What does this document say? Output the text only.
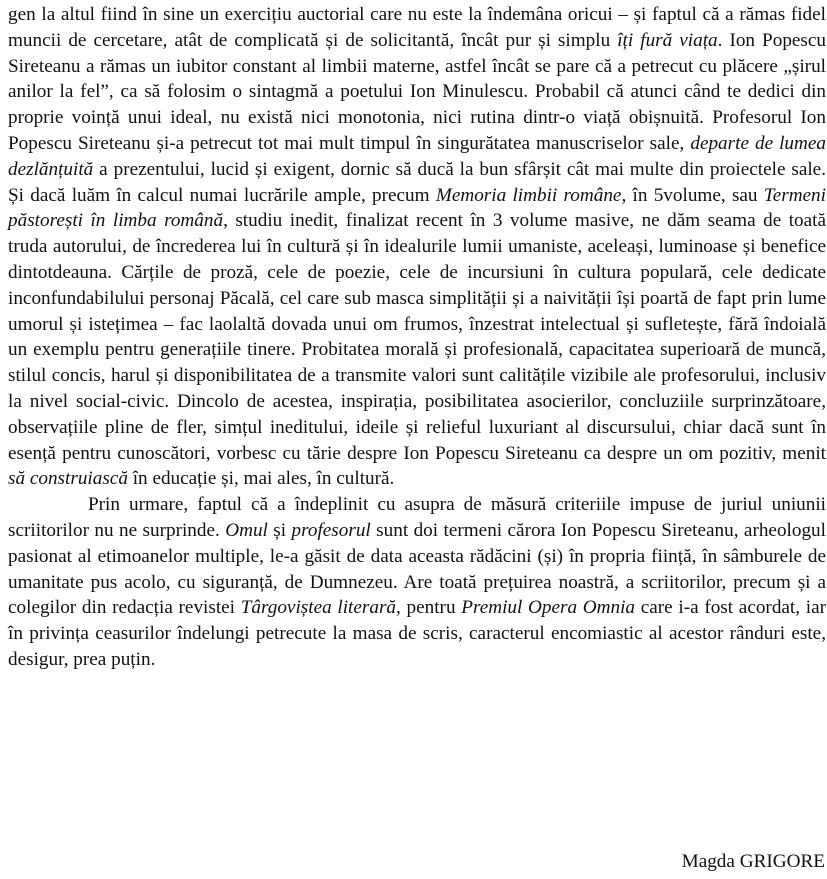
gen la altul fiind în sine un exercițiu auctorial care nu este la îndemâna oricui – și faptul că a rămas fidel muncii de cercetare, atât de complicată și de solicitantă, încât pur și simplu îți fură viața. Ion Popescu Sireteanu a rămas un iubitor constant al limbii materne, astfel încât se pare că a petrecut cu plăcere „șirul anilor la fel”, ca să folosim o sintagmă a poetului Ion Minulescu. Probabil că atunci când te dedici din proprie voință unui ideal, nu există nici monotonia, nici rutina dintr-o viață obișnuită. Profesorul Ion Popescu Sireteanu și-a petrecut tot mai mult timpul în singurătatea manuscriselor sale, departe de lumea dezlănțuită a prezentului, lucid și exigent, dornic să ducă la bun sfârșit cât mai multe din proiectele sale. Și dacă luăm în calcul numai lucrările ample, precum Memoria limbii române, în 5volume, sau Termeni păstorești în limba română, studiu inedit, finalizat recent în 3 volume masive, ne dăm seama de toată truda autorului, de încrederea lui în cultură și în idealurile lumii umaniste, aceleași, luminoase și benefice dintotdeauna. Cărțile de proză, cele de poezie, cele de incursiuni în cultura populară, cele dedicate inconfundabilului personaj Păcală, cel care sub masca simplității și a naivității își poartă de fapt prin lume umorul și istețimea – fac laolaltă dovada unui om frumos, înzestrat intelectual și sufletește, fără îndoială un exemplu pentru generațiile tinere. Probitatea morală și profesională, capacitatea superioară de muncă, stilul concis, harul și disponibilitatea de a transmite valori sunt calitățile vizibile ale profesorului, inclusiv la nivel social-civic. Dincolo de acestea, inspirația, posibilitatea asocierilor, concluziile surprinzătoare, observațiile pline de fler, simțul ineditului, ideile și relieful luxuriant al discursului, chiar dacă sunt în esență pentru cunoscători, vorbesc cu tărie despre Ion Popescu Sireteanu ca despre un om pozitiv, menit să construiască în educație și, mai ales, în cultură.

Prin urmare, faptul că a îndeplinit cu asupra de măsură criteriile impuse de juriul uniunii scriitorilor nu ne surprinde. Omul și profesorul sunt doi termeni cărora Ion Popescu Sireteanu, arheologul pasionat al etimoanelor multiple, le-a găsit de data aceasta rădăcini (și) în propria ființă, în sâmburele de umanitate pus acolo, cu siguranță, de Dumnezeu. Are toată prețuirea noastră, a scriitorilor, precum și a colegilor din redacția revistei Târgoviștea literară, pentru Premiul Opera Omnia care i-a fost acordat, iar în privința ceasurilor îndelungi petrecute la masa de scris, caracterul encomiastic al acestor rânduri este, desigur, prea puțin.

Magda GRIGORE
